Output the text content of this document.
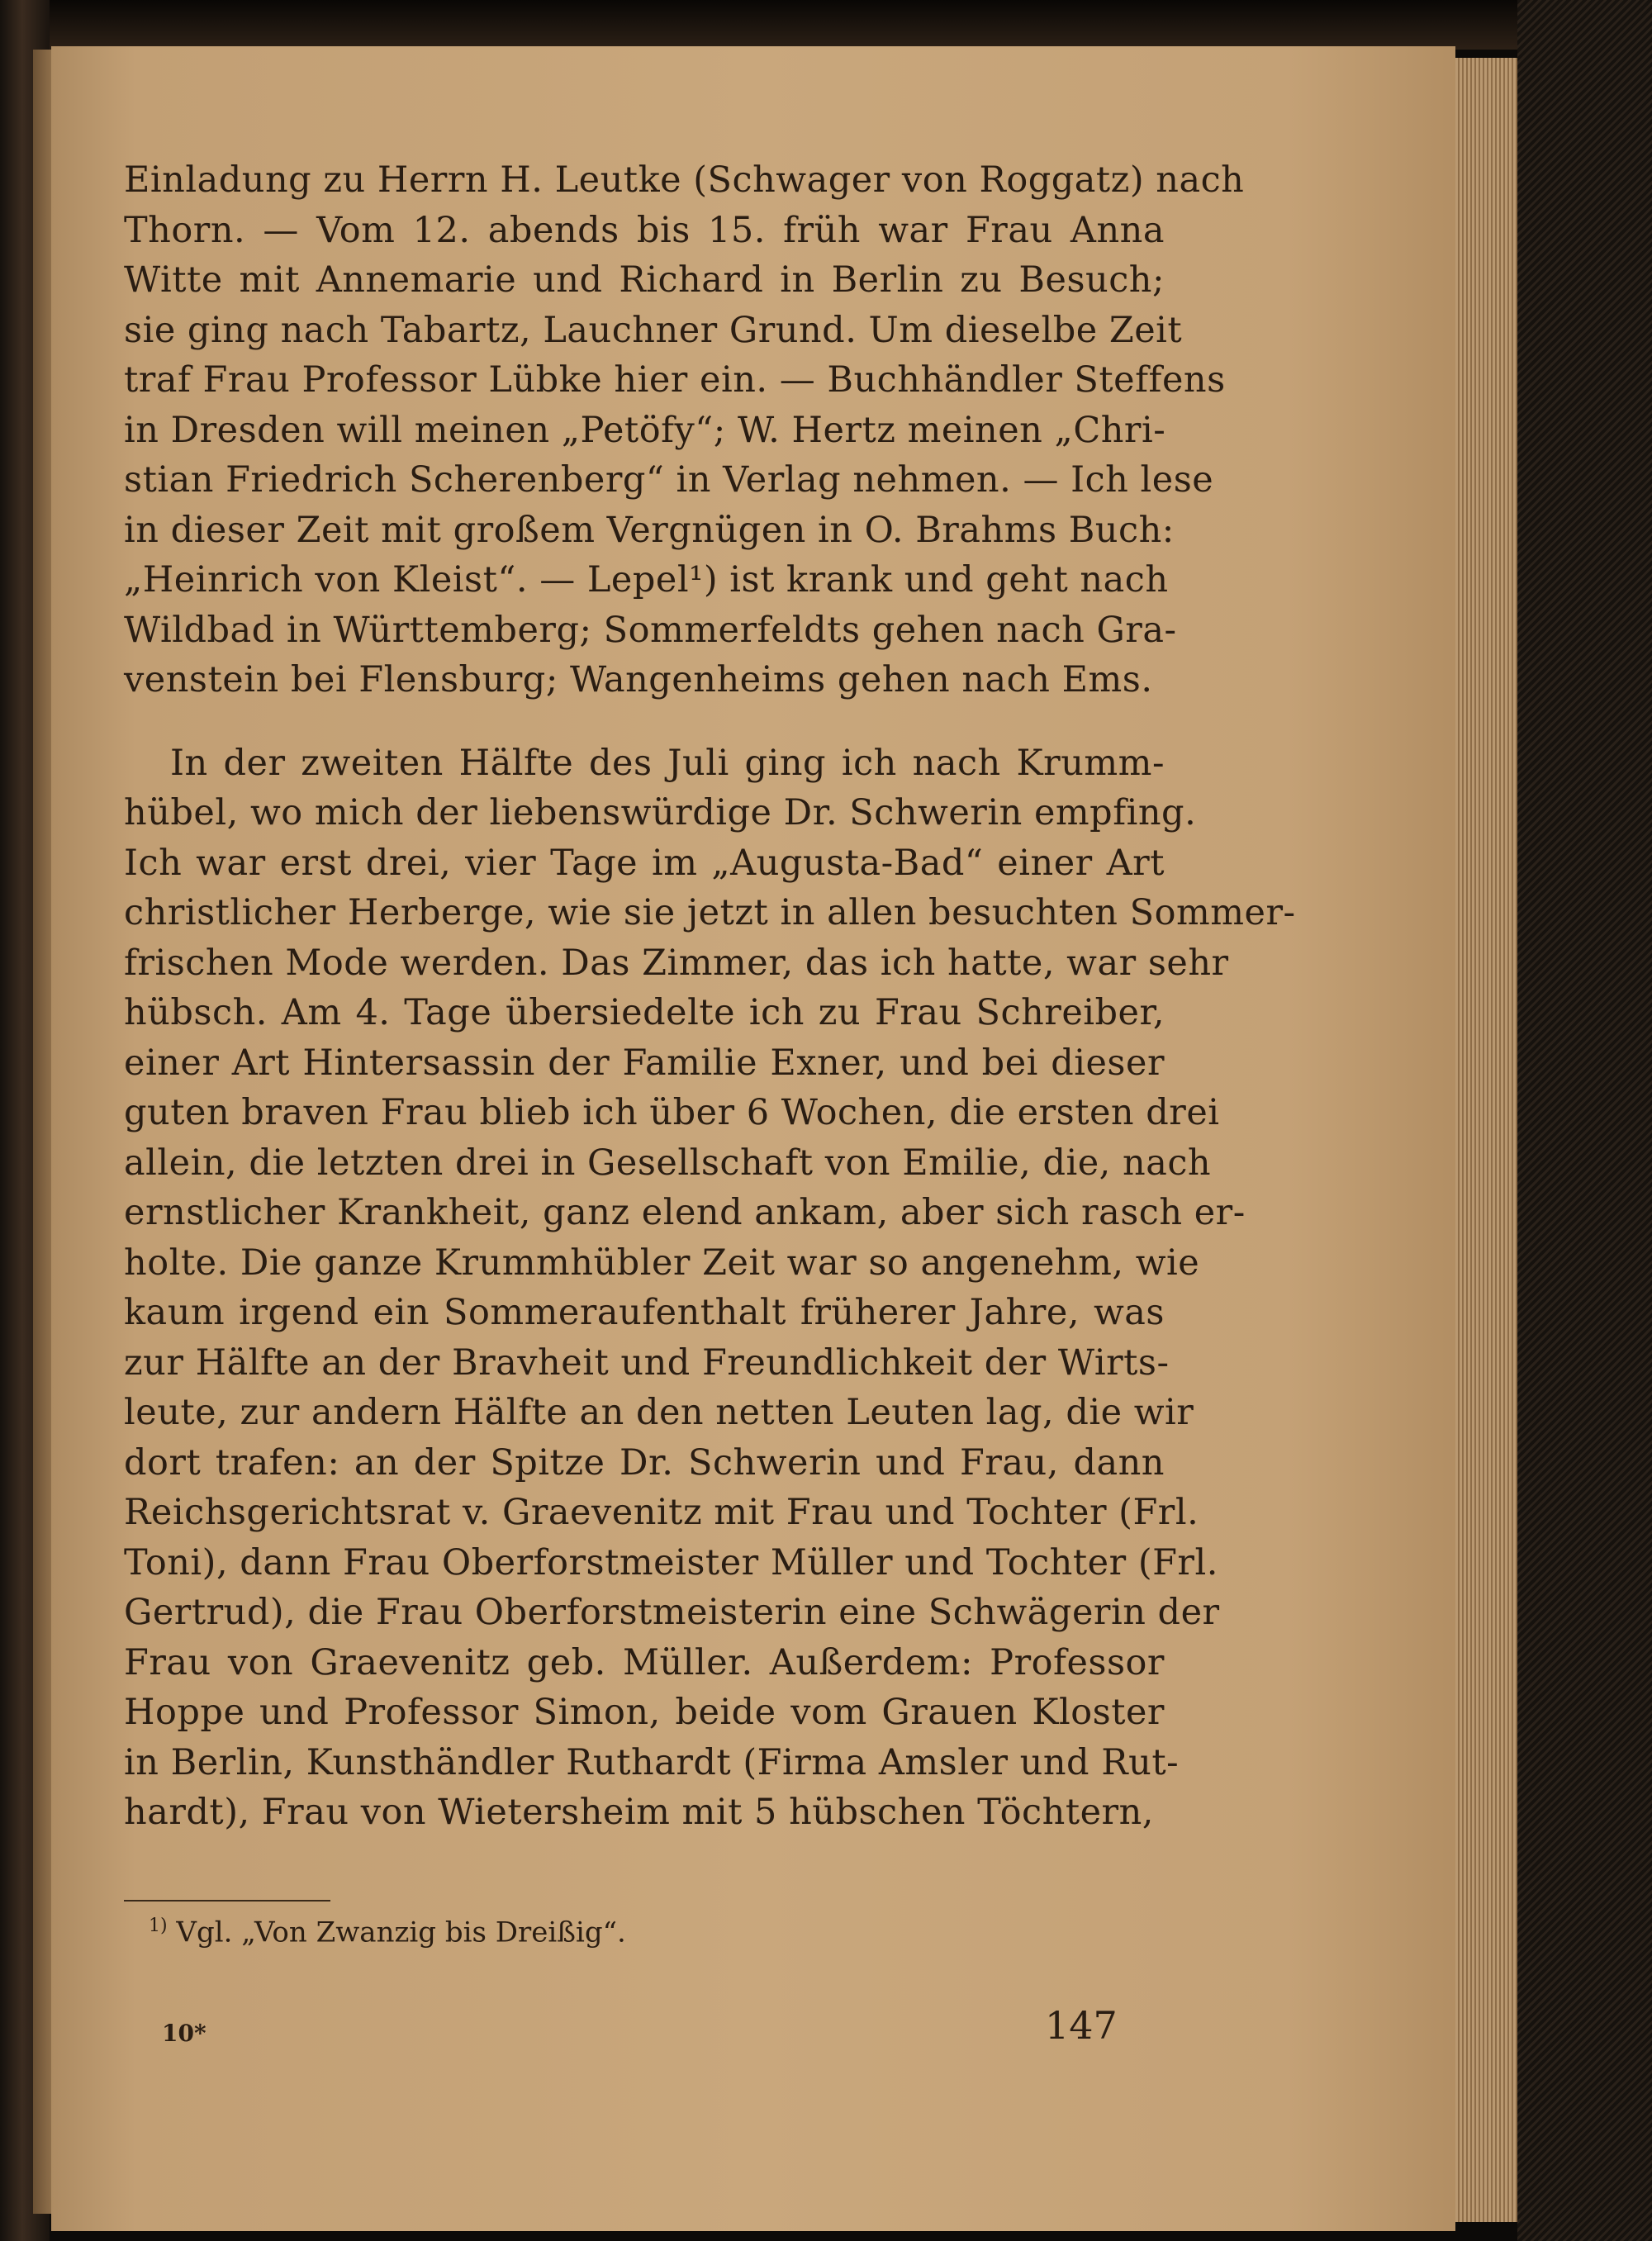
Einladung zu Herrn H. Leutke (Schwager von Roggatz) nach
Thorn. — Vom 12. abends bis 15. früh war Frau Anna
Witte mit Annemarie und Richard in Berlin zu Besuch;
sie ging nach Tabartz, Lauchner Grund. Um dieselbe Zeit
traf Frau Professor Lübke hier ein. — Buchhändler Steffens
in Dresden will meinen „Petöfy“; W. Hertz meinen „Chri-
stian Friedrich Scherenberg“ in Verlag nehmen. — Ich lese
in dieser Zeit mit großem Vergnügen in O. Brahms Buch:
„Heinrich von Kleist“. — Lepel¹) ist krank und geht nach
Wildbad in Württemberg; Sommerfeldts gehen nach Gra-
venstein bei Flensburg; Wangenheims gehen nach Ems.
In der zweiten Hälfte des Juli ging ich nach Krumm-
hübel, wo mich der liebenswürdige Dr. Schwerin empfing.
Ich war erst drei, vier Tage im „Augusta-Bad“ einer Art
christlicher Herberge, wie sie jetzt in allen besuchten Sommer-
frischen Mode werden. Das Zimmer, das ich hatte, war sehr
hübsch. Am 4. Tage übersiedelte ich zu Frau Schreiber,
einer Art Hintersassin der Familie Exner, und bei dieser
guten braven Frau blieb ich über 6 Wochen, die ersten drei
allein, die letzten drei in Gesellschaft von Emilie, die, nach
ernstlicher Krankheit, ganz elend ankam, aber sich rasch er-
holte. Die ganze Krummhübler Zeit war so angenehm, wie
kaum irgend ein Sommeraufenthalt früherer Jahre, was
zur Hälfte an der Bravheit und Freundlichkeit der Wirts-
leute, zur andern Hälfte an den netten Leuten lag, die wir
dort trafen: an der Spitze Dr. Schwerin und Frau, dann
Reichsgerichtsrat v. Graevenitz mit Frau und Tochter (Frl.
Toni), dann Frau Oberforstmeister Müller und Tochter (Frl.
Gertrud), die Frau Oberforstmeisterin eine Schwägerin der
Frau von Graevenitz geb. Müller. Außerdem: Professor
Hoppe und Professor Simon, beide vom Grauen Kloster
in Berlin, Kunsthändler Ruthardt (Firma Amsler und Rut-
hardt), Frau von Wietersheim mit 5 hübschen Töchtern,
$^{1)}$ Vgl. „Von Zwanzig bis Dreißig“.
10*	147
